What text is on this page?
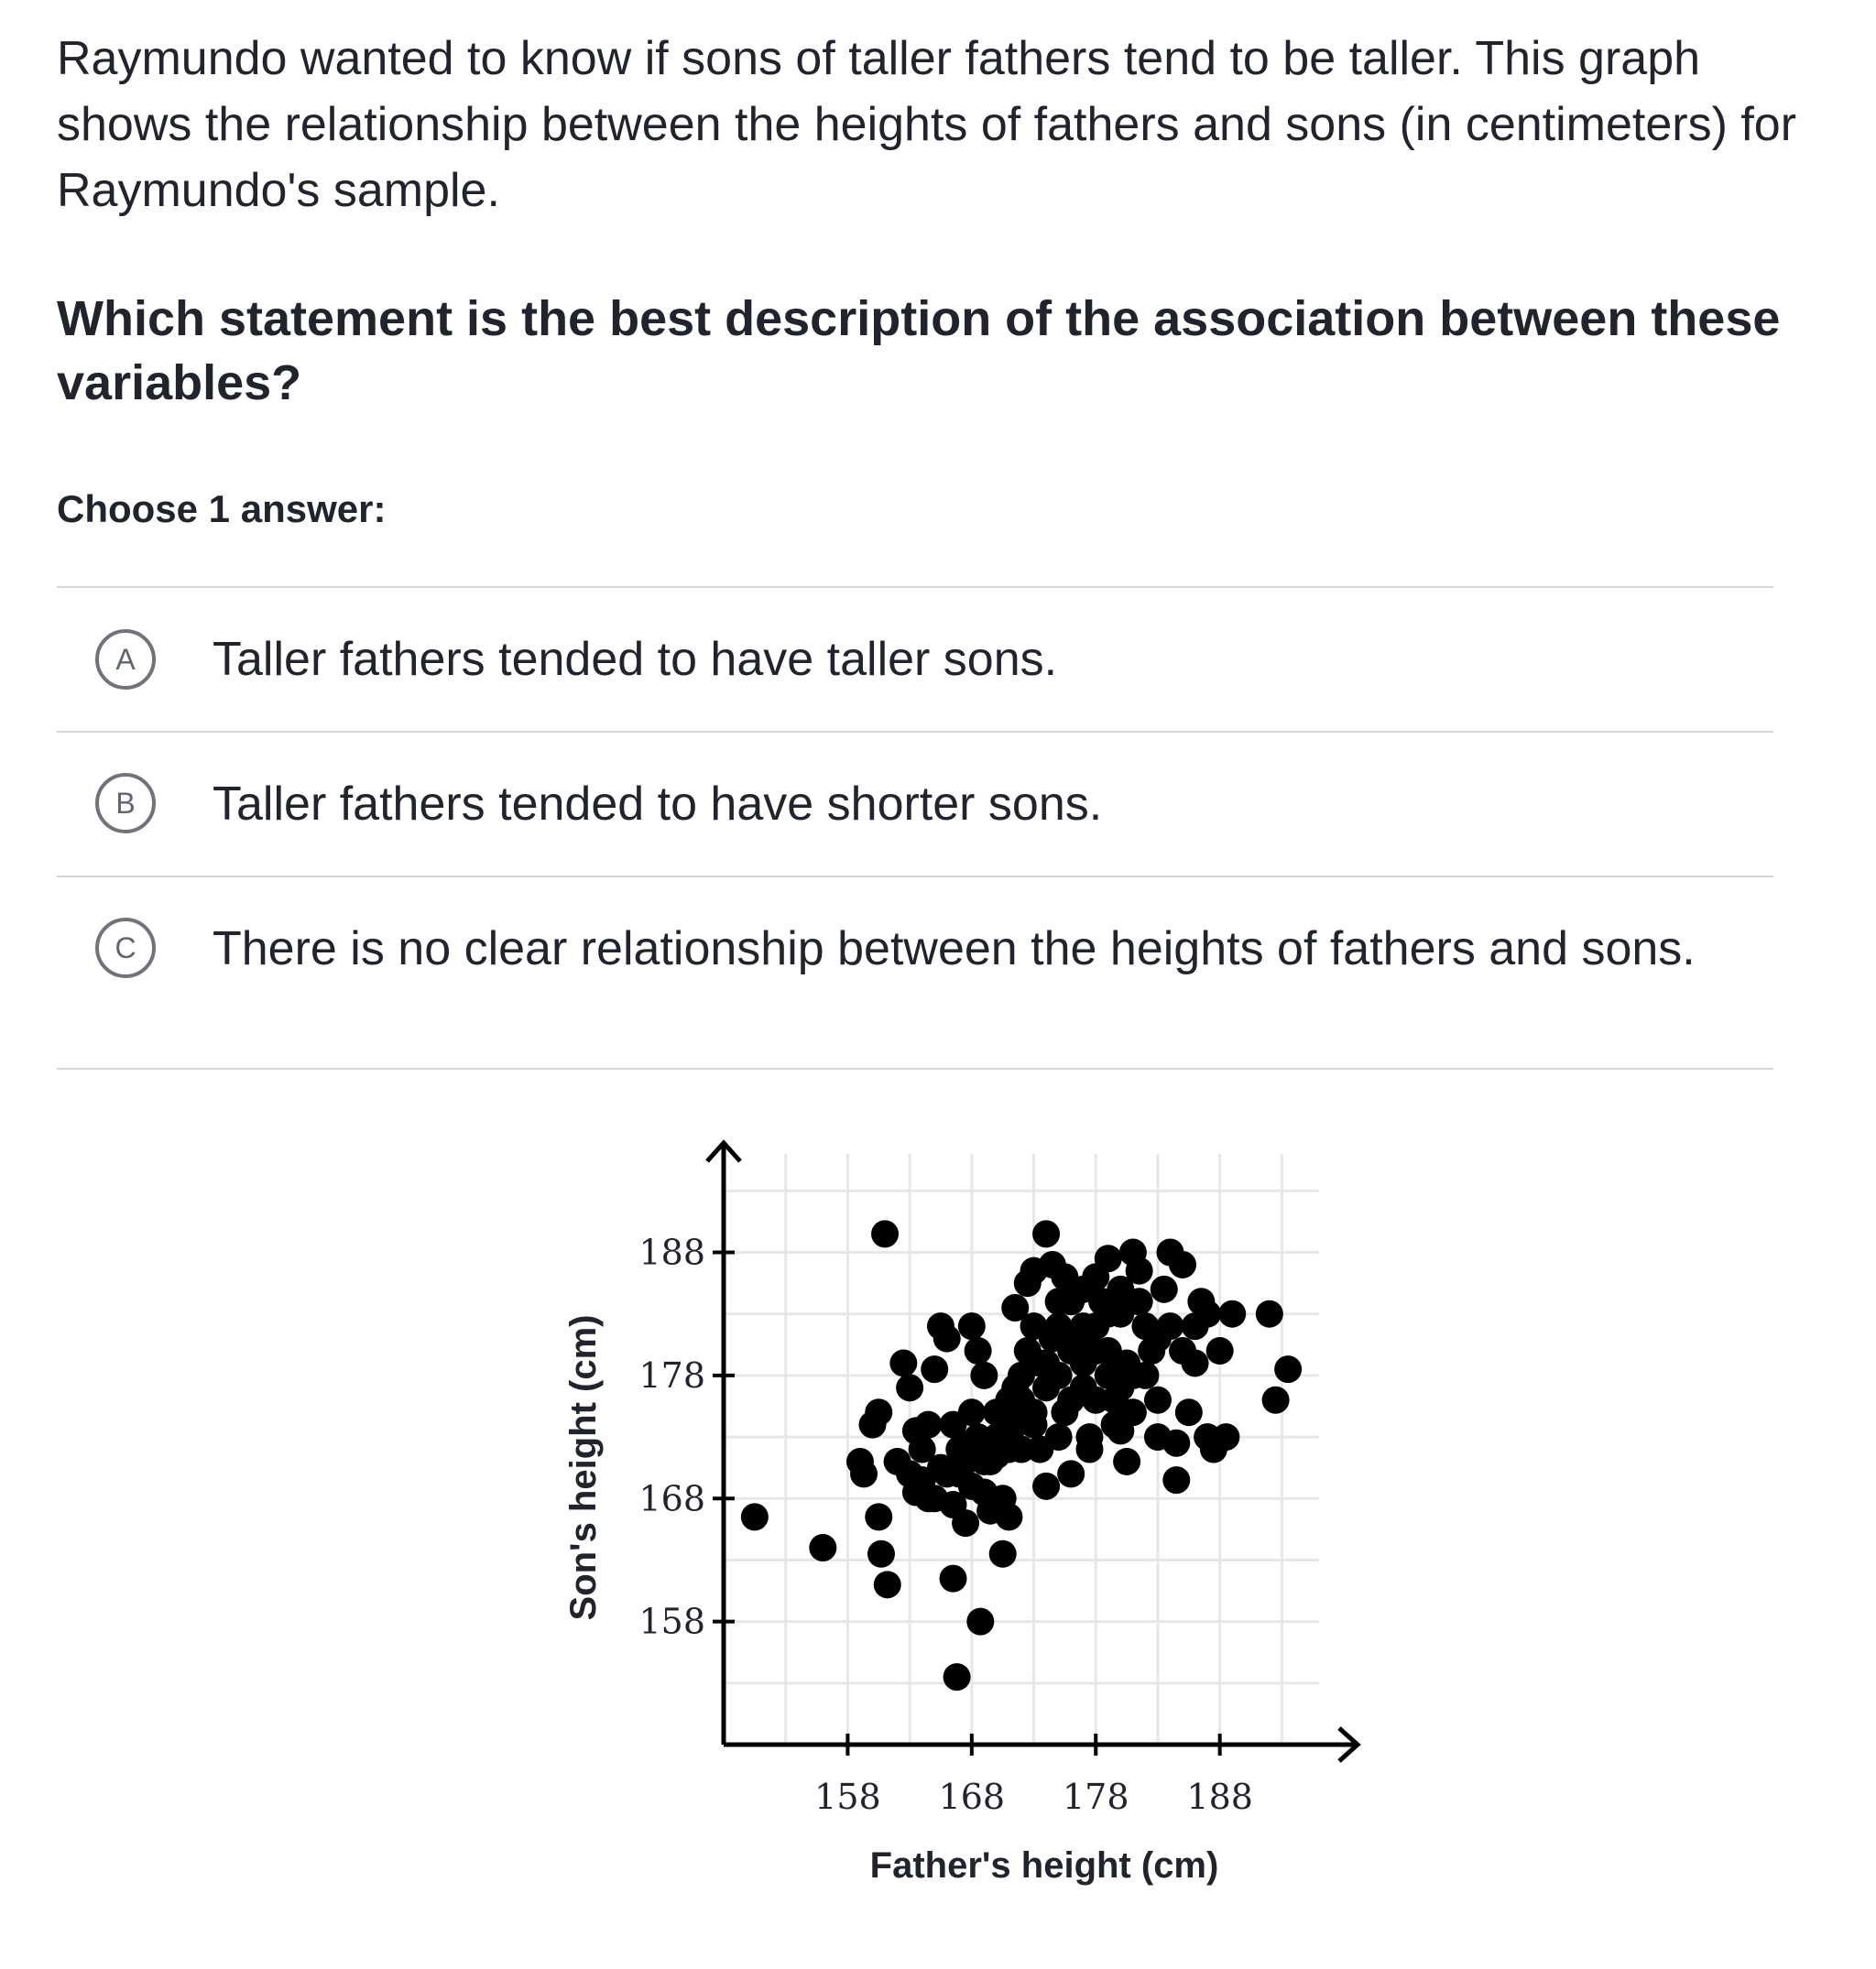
Raymundo wanted to know if sons of taller fathers tend to be taller. This graph shows the relationship between the heights of fathers and sons (in centimeters) for Raymundo's sample.

Which statement is the best description of the association between these variables?

Choose 1 answer:

A	Taller fathers tended to have taller sons.
B	Taller fathers tended to have shorter sons.
C	There is no clear relationship between the heights of fathers and sons.
158 168 178 188
158
168
178
188
Father's height (cm)
Son's height (cm)
